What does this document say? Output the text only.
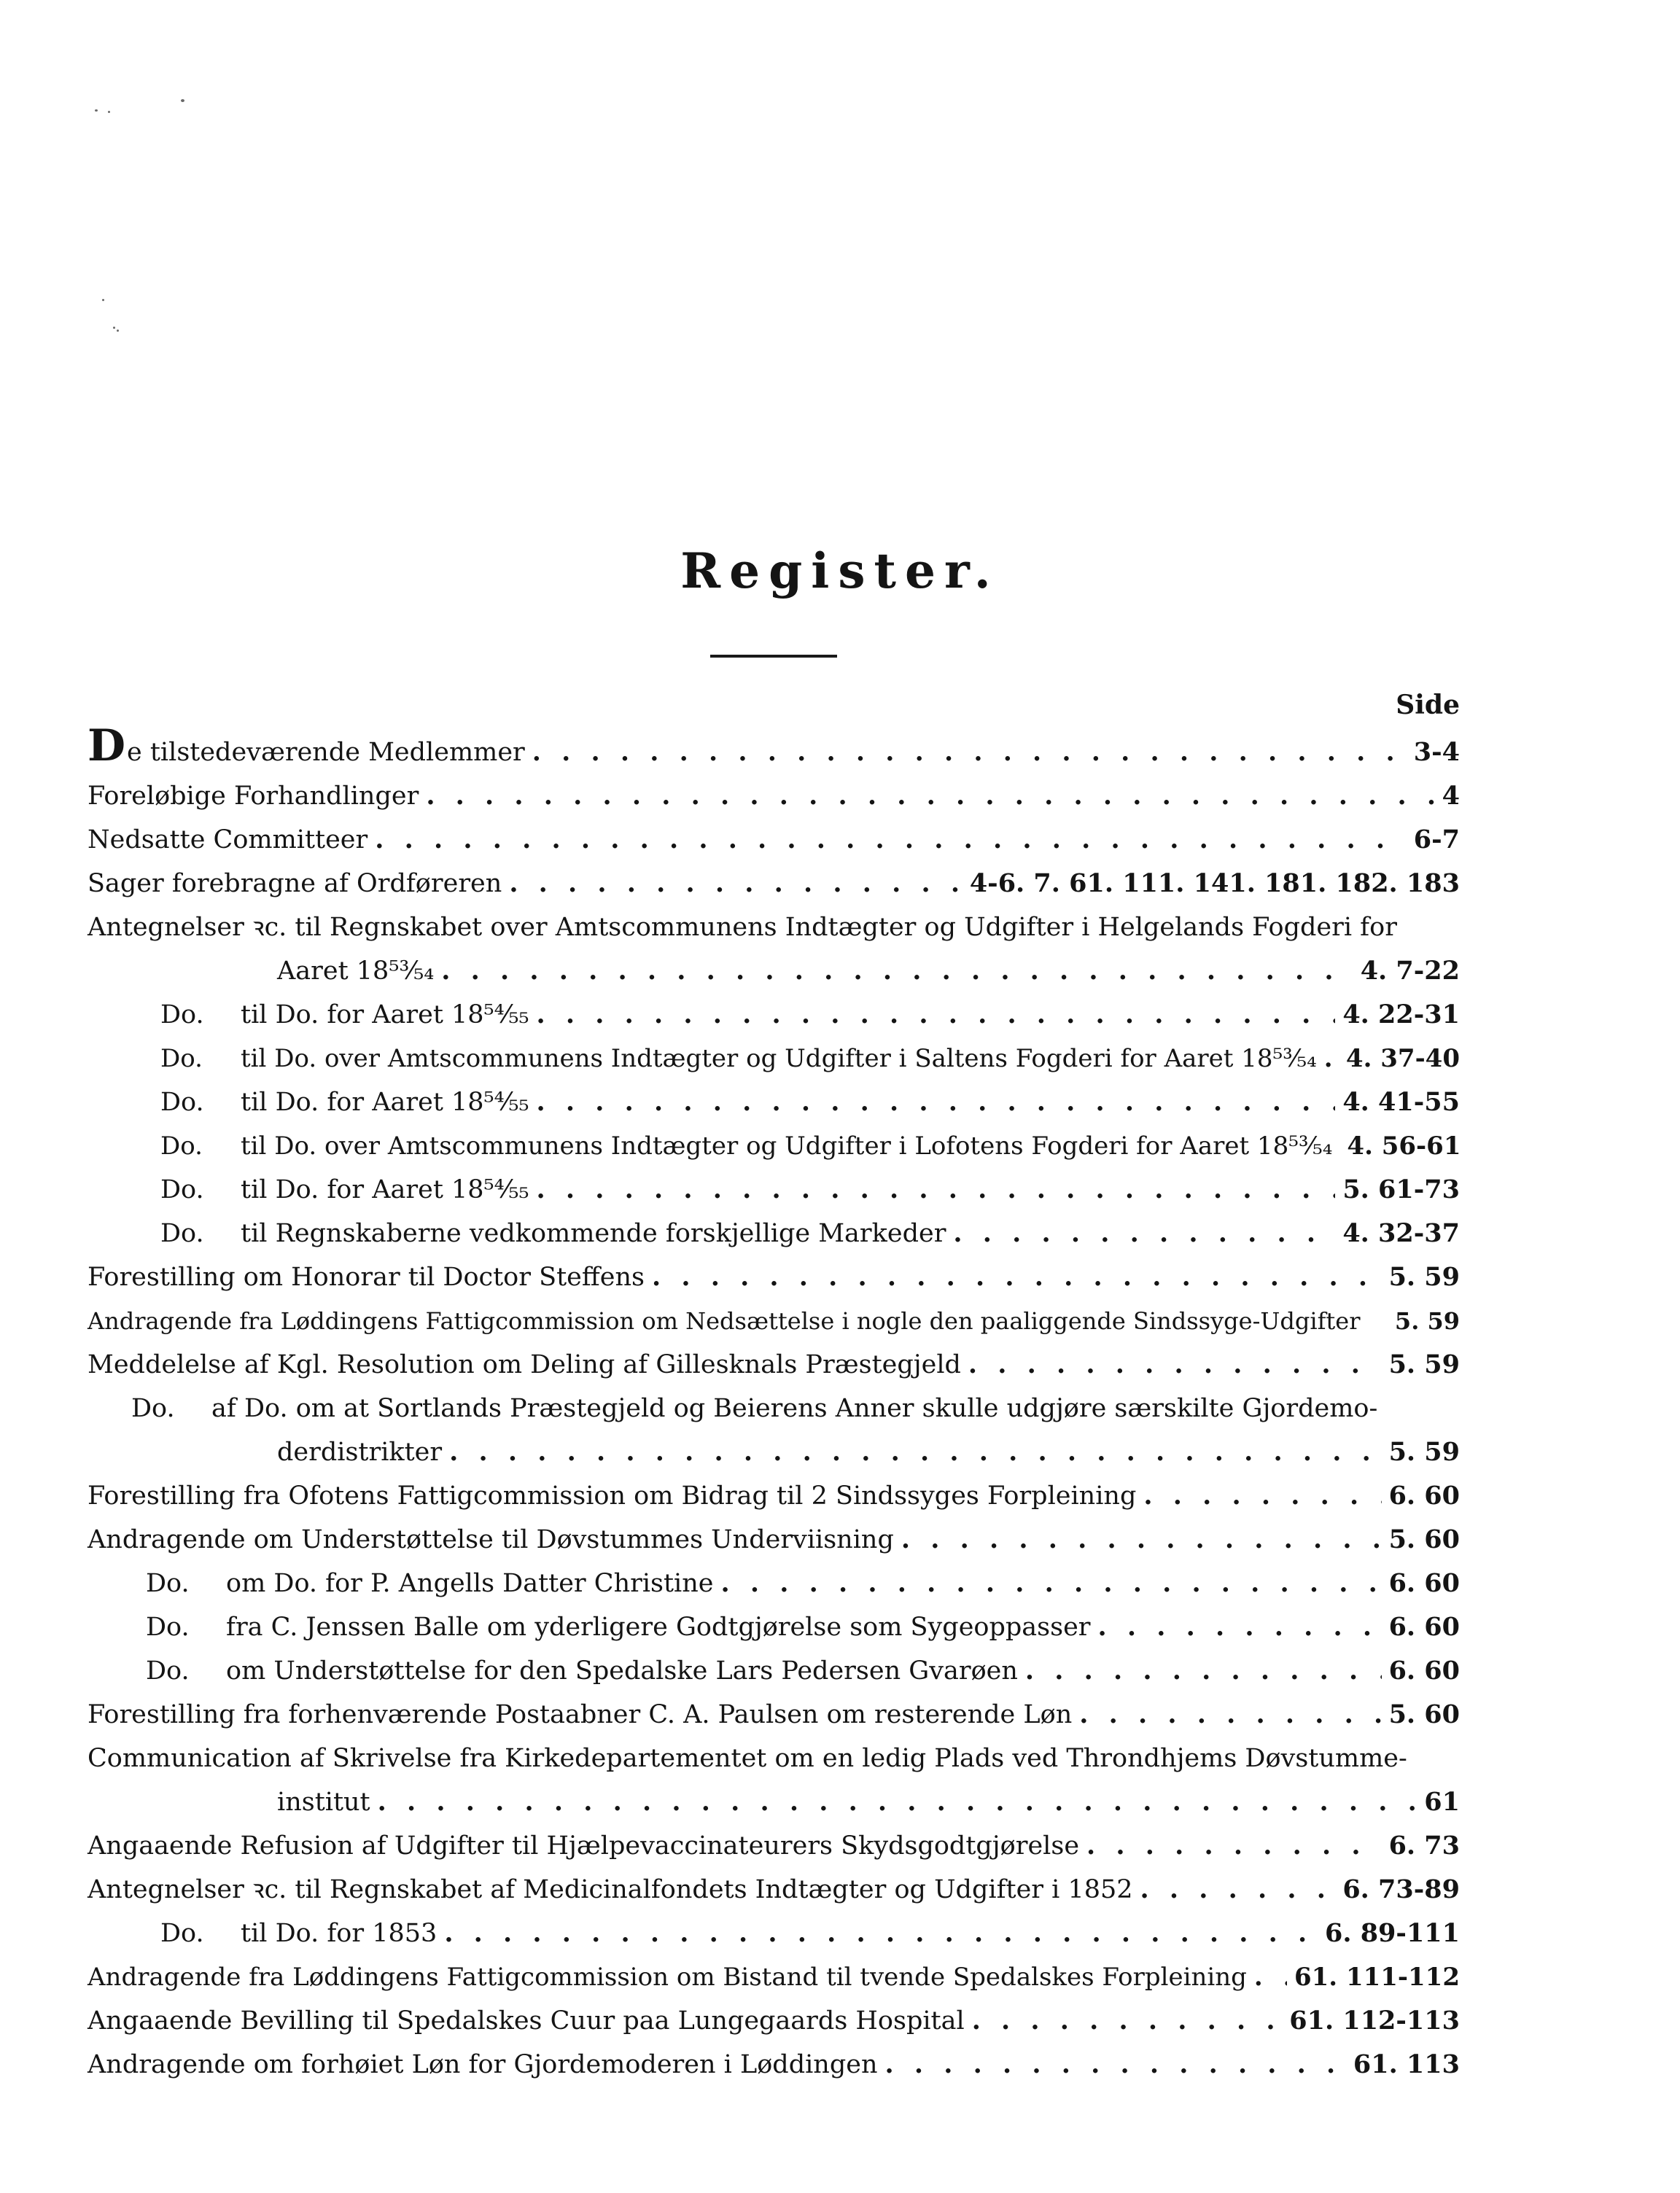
Register.
Side
De tilstedeværende Medlemmer . . .	3-4
Foreløbige Forhandlinger . . .	4
Nedsatte Committeer . . .	6-7
Sager forebragne af Ordføreren . . .	4-6. 7. 61. 111. 141. 181. 182. 183
Antegnelser ꝛc. til Regnskabet over Amtscommunens Indtægter og Udgifter i Helgelands Fogderi for
Aaret 18⁵³⁄₅₄ . . .	4. 7-22
Do.	til Do. for Aaret 18⁵⁴⁄₅₅ . . .	4. 22-31
Do.	til Do. over Amtscommunens Indtægter og Udgifter i Saltens Fogderi for Aaret 18⁵³⁄₅₄ . . . 4. 37-40
Do.	til Do. for Aaret 18⁵⁴⁄₅₅ . . .	4. 41-55
Do.	til Do. over Amtscommunens Indtægter og Udgifter i Lofotens Fogderi for Aaret 18⁵³⁄₅₄ 4. 56-61
Do.	til Do. for Aaret 18⁵⁴⁄₅₅ . . .	5. 61-73
Do.	til Regnskaberne vedkommende forskjellige Markeder . . .	4. 32-37
Forestilling om Honorar til Doctor Steffens . . .	5. 59
Andragende fra Løddingens Fattigcommission om Nedsættelse i nogle den paaliggende Sindssyge-Udgifter	5. 59
Meddelelse af Kgl. Resolution om Deling af Gillesknals Præstegjeld . . .	5. 59
Do.	af Do. om at Sortlands Præstegjeld og Beierens Anner skulle udgjøre særskilte Gjordemo-
derdistrikter . . .	5. 59
Forestilling fra Ofotens Fattigcommission om Bidrag til 2 Sindssyges Forpleining . . .	6. 60
Andragende om Understøttelse til Døvstummes Underviisning . . .	5. 60
Do.	om Do. for P. Angells Datter Christine . . .	6. 60
Do.	fra C. Jenssen Balle om yderligere Godtgjørelse som Sygeoppasser . . .	6. 60
Do.	om Understøttelse for den Spedalske Lars Pedersen Gvarøen . . .	6. 60
Forestilling fra forhenværende Postaabner C. A. Paulsen om resterende Løn . . .	5. 60
Communication af Skrivelse fra Kirkedepartementet om en ledig Plads ved Throndhjems Døvstumme-
institut . . .	61
Angaaende Refusion af Udgifter til Hjælpevaccinateurers Skydsgodtgjørelse . . .	6. 73
Antegnelser ꝛc. til Regnskabet af Medicinalfondets Indtægter og Udgifter i 1852 . . .	6. 73-89
Do.	til Do. for 1853 . . .	6. 89-111
Andragende fra Løddingens Fattigcommission om Bistand til tvende Spedalskes Forpleining . . . 61. 111-112
Angaaende Bevilling til Spedalskes Cuur paa Lungegaards Hospital . . .	61. 112-113
Andragende om forhøiet Løn for Gjordemoderen i Løddingen . . .	61. 113
